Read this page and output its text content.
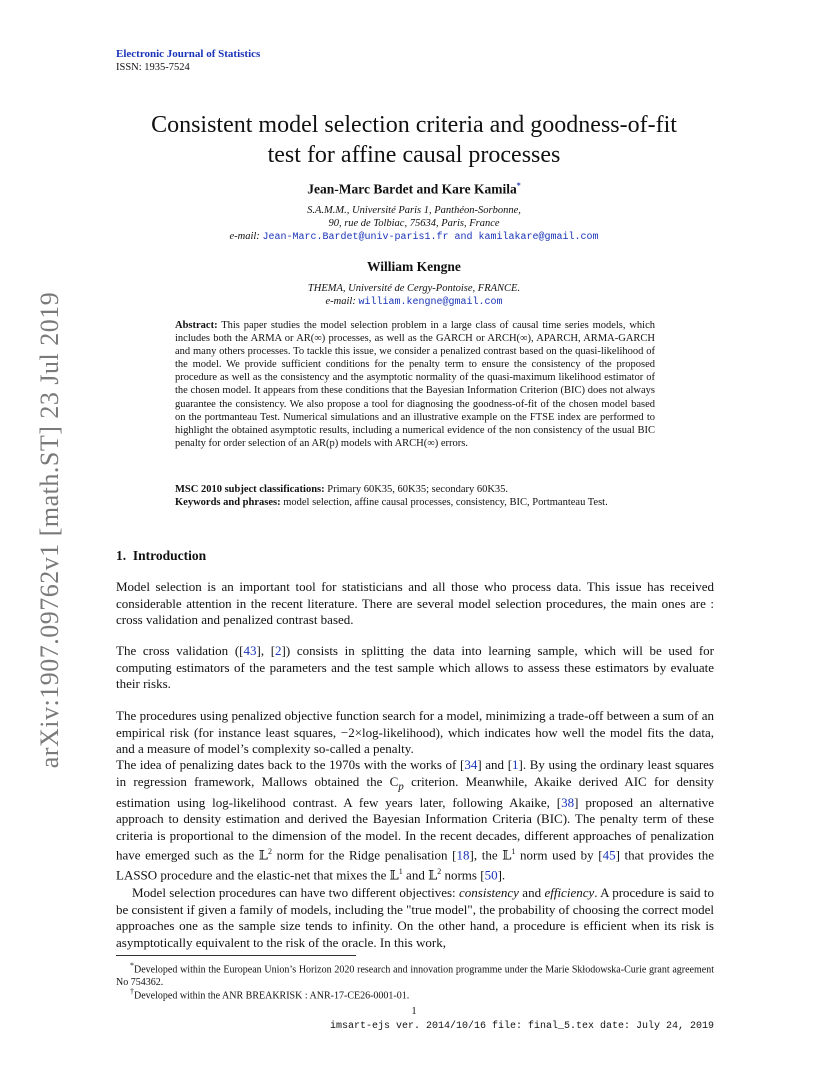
Electronic Journal of Statistics
ISSN: 1935-7524
Consistent model selection criteria and goodness-of-fit
test for affine causal processes
Jean-Marc Bardet and Kare Kamila*
S.A.M.M., Université Paris 1, Panthéon-Sorbonne,
90, rue de Tolbiac, 75634, Paris, France
e-mail: Jean-Marc.Bardet@univ-paris1.fr and kamilakare@gmail.com
William Kengne
THEMA, Université de Cergy-Pontoise, FRANCE.
e-mail: william.kengne@gmail.com
arXiv:1907.09762v1 [math.ST] 23 Jul 2019	Abstract: This paper studies the model selection problem in a large class of causal time series models, which includes both the ARMA or AR(∞) processes, as well as the GARCH or ARCH(∞), APARCH, ARMA-GARCH and many others processes. To tackle this issue, we consider a penalized contrast based on the quasi-likelihood of the model. We provide sufficient conditions for the penalty term to ensure the consistency of the proposed procedure as well as the consistency and the asymptotic normality of the quasi-maximum likelihood estimator of the chosen model. It appears from these conditions that the Bayesian Information Criterion (BIC) does not always guarantee the consistency. We also propose a tool for diagnosing the goodness-of-fit of the chosen model based on the portmanteau Test. Numerical simulations and an illustrative example on the FTSE index are performed to highlight the obtained asymptotic results, including a numerical evidence of the non consistency of the usual BIC penalty for order selection of an AR(p) models with ARCH(∞) errors.
MSC 2010 subject classifications: Primary 60K35, 60K35; secondary 60K35.
Keywords and phrases: model selection, affine causal processes, consistency, BIC, Portmanteau Test.
1. Introduction
Model selection is an important tool for statisticians and all those who process data. This issue has received considerable attention in the recent literature. There are several model selection procedures, the main ones are : cross validation and penalized contrast based.
The cross validation ([43], [2]) consists in splitting the data into learning sample, which will be used for computing estimators of the parameters and the test sample which allows to assess these estimators by evaluate their risks.
The procedures using penalized objective function search for a model, minimizing a trade-off between a sum of an empirical risk (for instance least squares, −2×log-likelihood), which indicates how well the model fits the data, and a measure of model’s complexity so-called a penalty.
The idea of penalizing dates back to the 1970s with the works of [34] and [1]. By using the ordinary least squares in regression framework, Mallows obtained the $C_p$ criterion. Meanwhile, Akaike derived AIC for density estimation using log-likelihood contrast. A few years later, following Akaike, [38] proposed an alternative approach to density estimation and derived the Bayesian Information Criteria (BIC). The penalty term of these criteria is proportional to the dimension of the model. In the recent decades, different approaches of penalization have emerged such as the 𝕃$^2$ norm for the Ridge penalisation [18], the 𝕃$^1$ norm used by [45] that provides the LASSO procedure and the elastic-net that mixes the 𝕃$^1$ and 𝕃$^2$ norms [50].
Model selection procedures can have two different objectives: consistency and efficiency. A procedure is said to be consistent if given a family of models, including the "true model", the probability of choosing the correct model approaches one as the sample size tends to infinity. On the other hand, a procedure is efficient when its risk is asymptotically equivalent to the risk of the oracle. In this work,
*Developed within the European Union’s Horizon 2020 research and innovation programme under the Marie Skłodowska-Curie grant agreement No 754362.
†Developed within the ANR BREAKRISK : ANR-17-CE26-0001-01.
1
imsart-ejs ver. 2014/10/16 file: final_5.tex date: July 24, 2019
